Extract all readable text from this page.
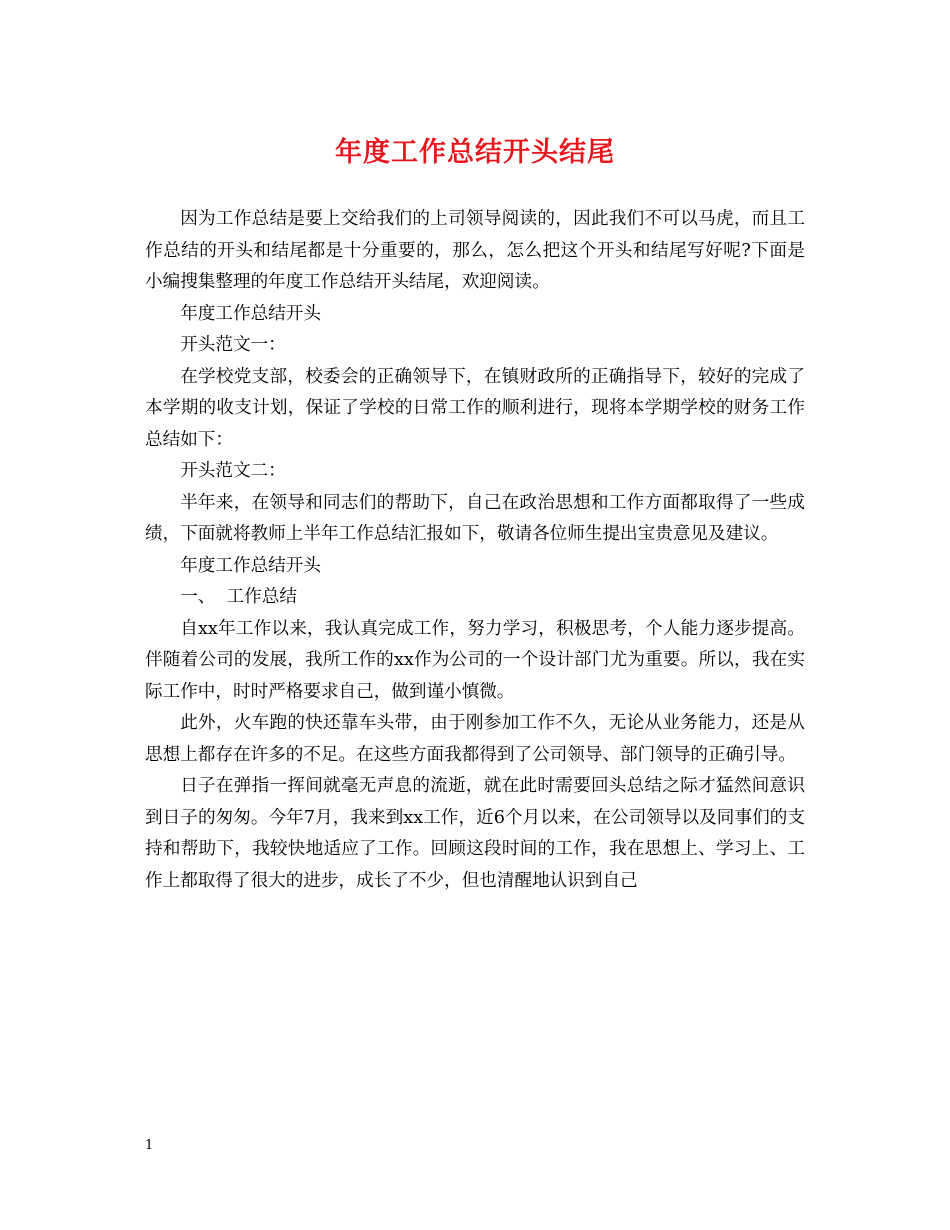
年度工作总结开头结尾

因为工作总结是要上交给我们的上司领导阅读的，因此我们不可以马虎，而且工作总结的开头和结尾都是十分重要的，那么，怎么把这个开头和结尾写好呢?下面是小编搜集整理的年度工作总结开头结尾，欢迎阅读。

年度工作总结开头

开头范文一：

在学校党支部，校委会的正确领导下，在镇财政所的正确指导下，较好的完成了本学期的收支计划，保证了学校的日常工作的顺利进行，现将本学期学校的财务工作总结如下：

开头范文二：

半年来，在领导和同志们的帮助下，自己在政治思想和工作方面都取得了一些成绩，下面就将教师上半年工作总结汇报如下，敬请各位师生提出宝贵意见及建议。

年度工作总结开头

一、  工作总结

自xx年工作以来，我认真完成工作，努力学习，积极思考，个人能力逐步提高。伴随着公司的发展，我所工作的xx作为公司的一个设计部门尤为重要。所以，我在实际工作中，时时严格要求自己，做到谨小慎微。

此外，火车跑的快还靠车头带，由于刚参加工作不久，无论从业务能力，还是从思想上都存在许多的不足。在这些方面我都得到了公司领导、部门领导的正确引导。

日子在弹指一挥间就毫无声息的流逝，就在此时需要回头总结之际才猛然间意识到日子的匆匆。今年7月，我来到xx工作，近6个月以来，在公司领导以及同事们的支持和帮助下，我较快地适应了工作。回顾这段时间的工作，我在思想上、学习上、工作上都取得了很大的进步，成长了不少，但也清醒地认识到自己

1
